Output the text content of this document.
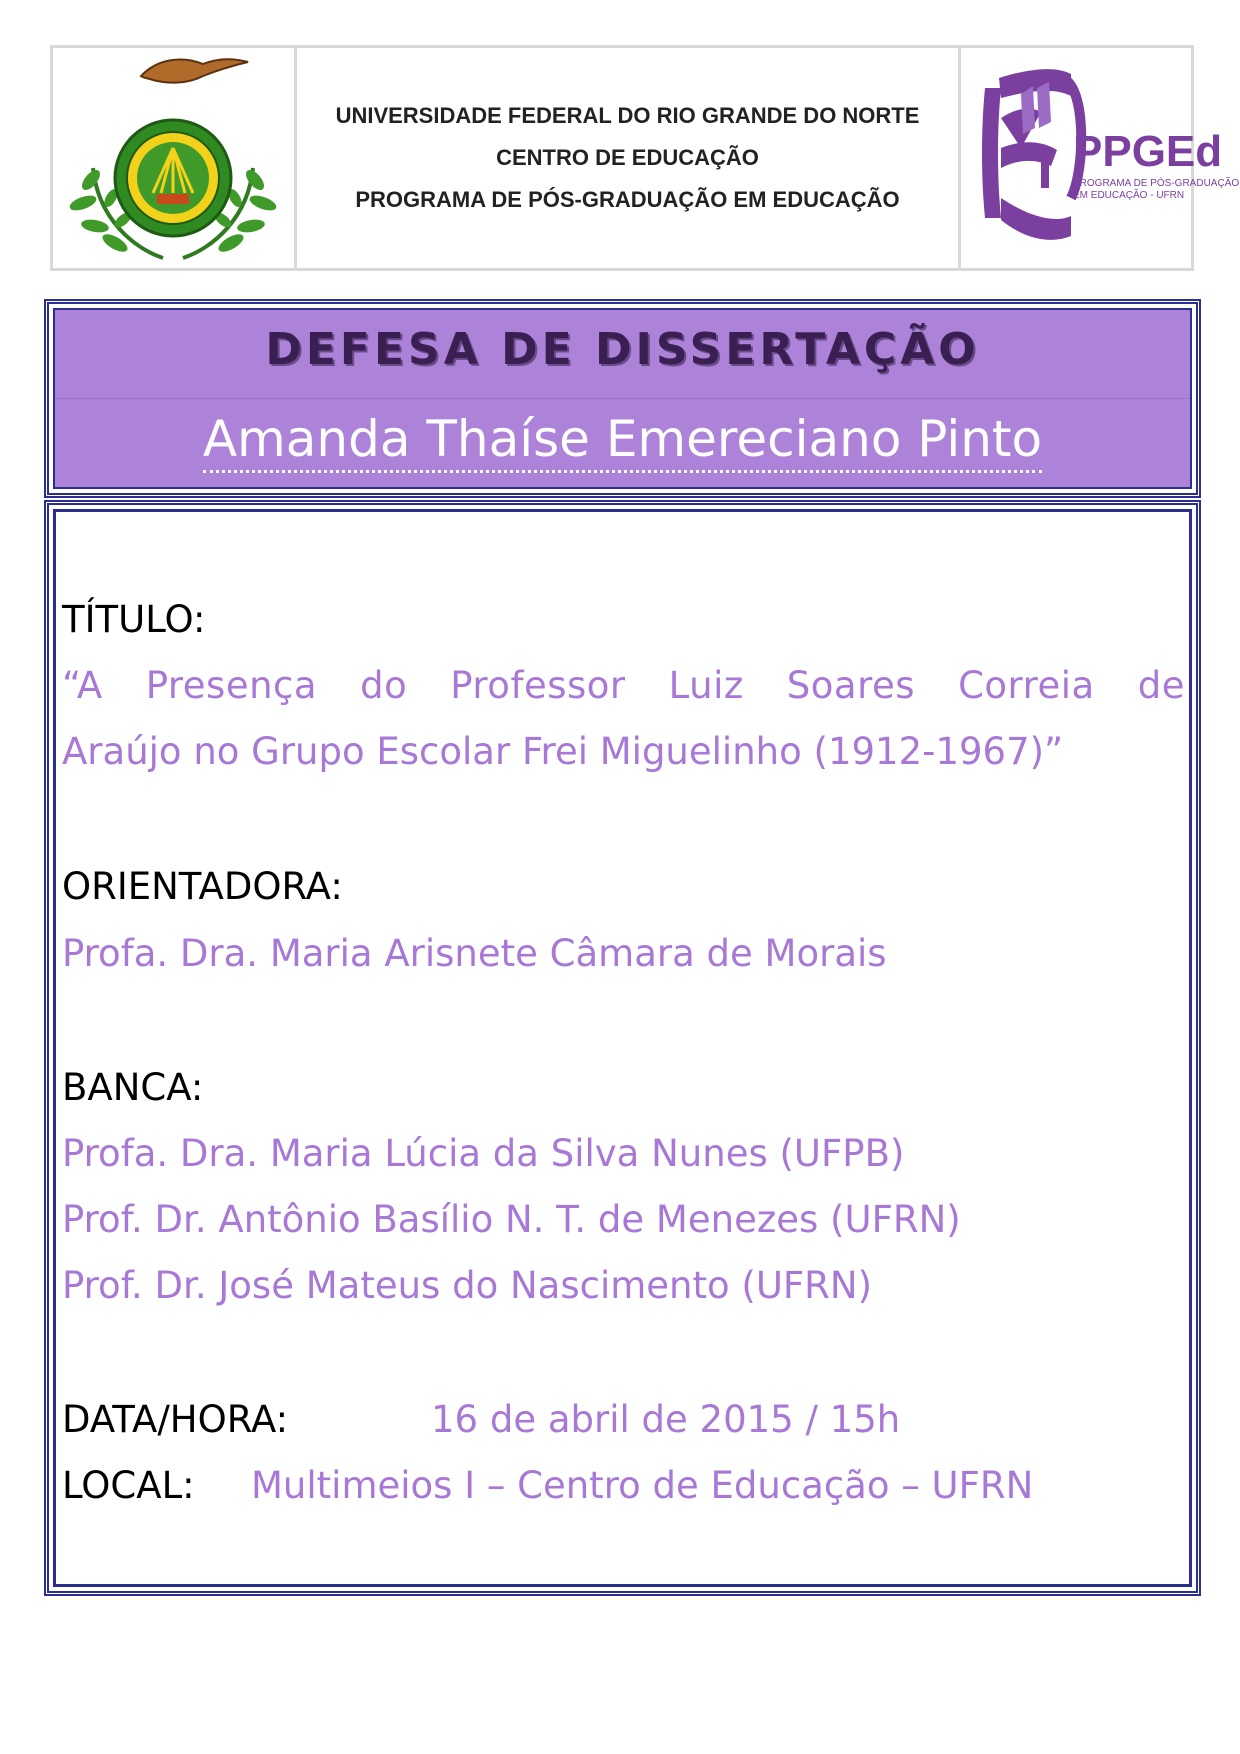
UNIVERSIDADE FEDERAL DO RIO GRANDE DO NORTE
CENTRO DE EDUCAÇÃO
PROGRAMA DE PÓS-GRADUAÇÃO EM EDUCAÇÃO
PPGEd
PROGRAMA DE PÓS-GRADUAÇÃO
EM EDUCAÇÃO - UFRN
DEFESA DE DISSERTAÇÃO
Amanda Thaíse Emereciano Pinto
TÍTULO:
“A Presença do Professor Luiz Soares Correia de
Araújo no Grupo Escolar Frei Miguelinho (1912-1967)”
ORIENTADORA:
Profa. Dra. Maria Arisnete Câmara de Morais
BANCA:
Profa. Dra. Maria Lúcia da Silva Nunes (UFPB)
Prof. Dr. Antônio Basílio N. T. de Menezes (UFRN)
Prof. Dr. José Mateus do Nascimento (UFRN)
DATA/HORA:	16 de abril de 2015 / 15h
LOCAL: Multimeios I – Centro de Educação – UFRN
